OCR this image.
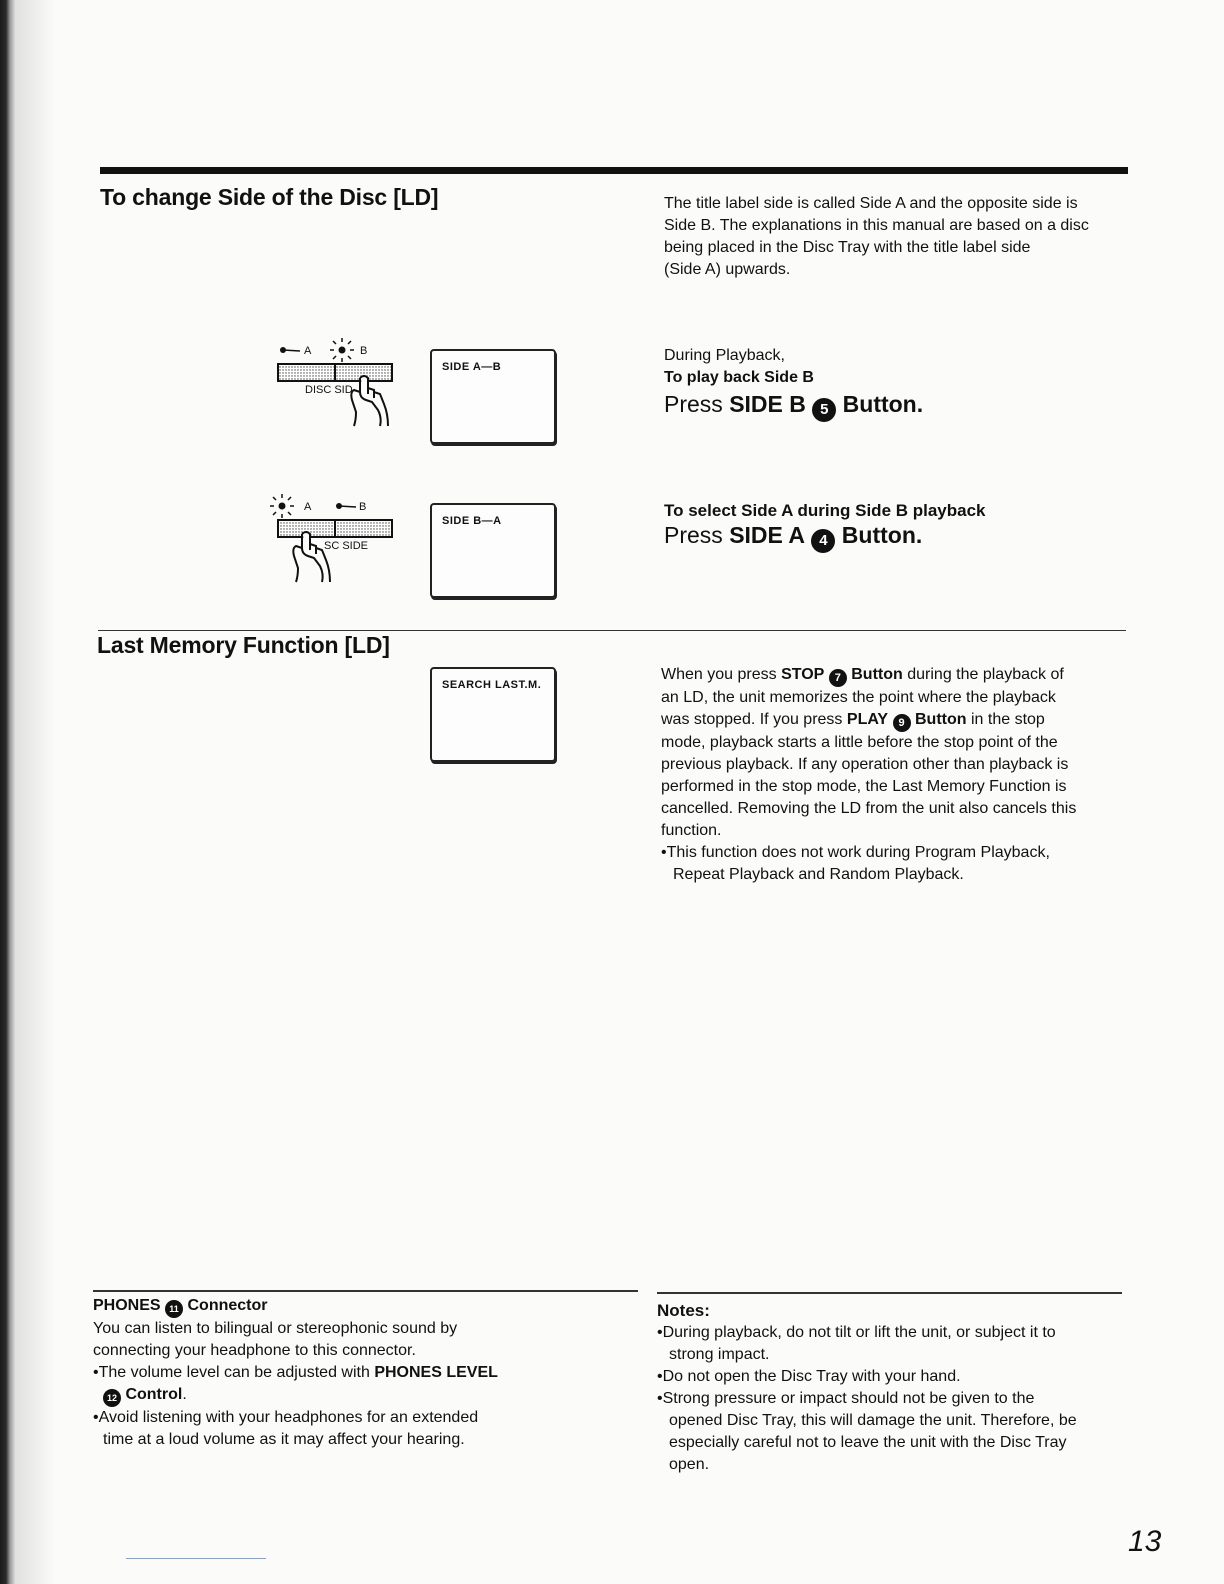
To change Side of the Disc [LD]	The title label side is called Side A and the opposite side is
Side B. The explanations in this manual are based on a disc
being placed in the Disc Tray with the title label side
(Side A) upwards.
A	B
DISC SID
SIDE A—B
During Playback,
To play back Side B
Press SIDE B 5 Button.
A	B
SC SIDE
SIDE B—A
To select Side A during Side B playback
Press SIDE A 4 Button.
Last Memory Function [LD]
SEARCH LAST.M.
When you press STOP 7 Button during the playback of
an LD, the unit memorizes the point where the playback
was stopped. If you press PLAY 9 Button in the stop
mode, playback starts a little before the stop point of the
previous playback. If any operation other than playback is
performed in the stop mode, the Last Memory Function is
cancelled. Removing the LD from the unit also cancels this
function.
•This function does not work during Program Playback,
Repeat Playback and Random Playback.
PHONES 11 Connector
You can listen to bilingual or stereophonic sound by
connecting your headphone to this connector.
•The volume level can be adjusted with PHONES LEVEL
12 Control.
•Avoid listening with your headphones for an extended
time at a loud volume as it may affect your hearing.
Notes:
•During playback, do not tilt or lift the unit, or subject it to
strong impact.
•Do not open the Disc Tray with your hand.
•Strong pressure or impact should not be given to the
opened Disc Tray, this will damage the unit. Therefore, be
especially careful not to leave the unit with the Disc Tray
open.
13
